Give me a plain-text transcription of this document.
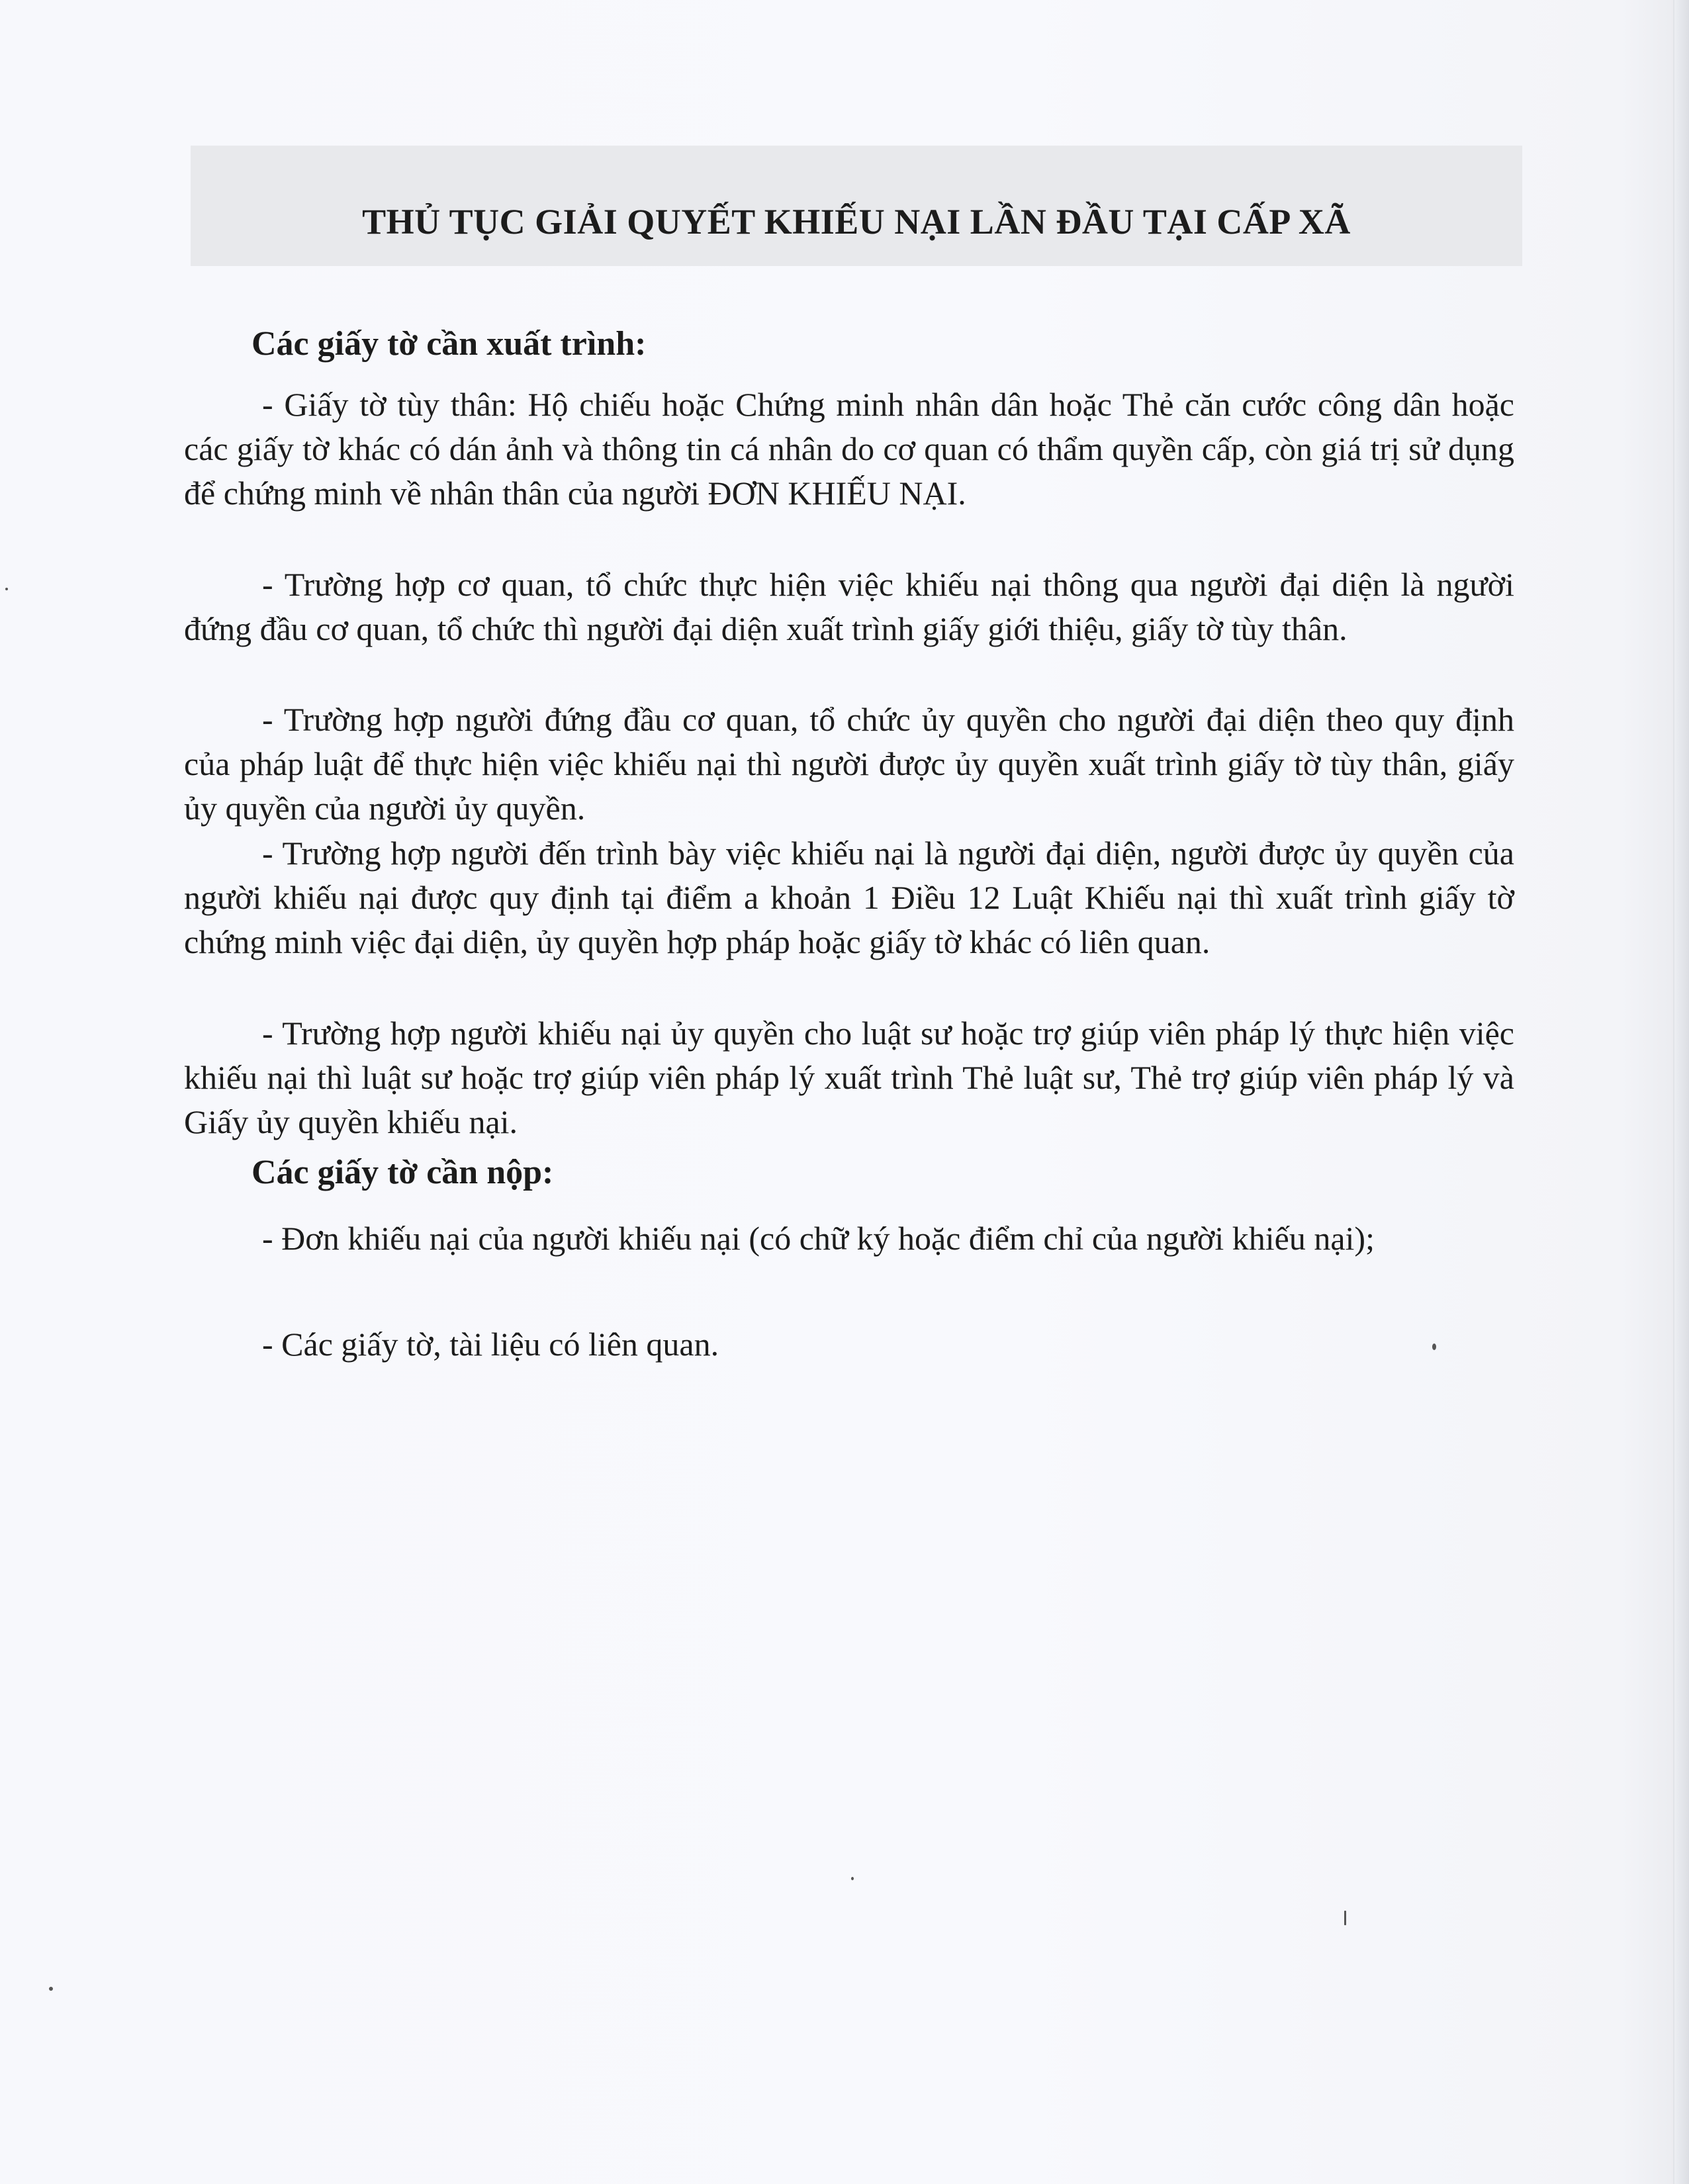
THỦ TỤC GIẢI QUYẾT KHIẾU NẠI LẦN ĐẦU TẠI CẤP XÃ
Các giấy tờ cần xuất trình:

- Giấy tờ tùy thân: Hộ chiếu hoặc Chứng minh nhân dân hoặc Thẻ căn cước công dân hoặc các giấy tờ khác có dán ảnh và thông tin cá nhân do cơ quan có thẩm quyền cấp, còn giá trị sử dụng để chứng minh về nhân thân của người ĐƠN KHIẾU NẠI.

- Trường hợp cơ quan, tổ chức thực hiện việc khiếu nại thông qua người đại diện là người đứng đầu cơ quan, tổ chức thì người đại diện xuất trình giấy giới thiệu, giấy tờ tùy thân.

- Trường hợp người đứng đầu cơ quan, tổ chức ủy quyền cho người đại diện theo quy định của pháp luật để thực hiện việc khiếu nại thì người được ủy quyền xuất trình giấy tờ tùy thân, giấy ủy quyền của người ủy quyền.

- Trường hợp người đến trình bày việc khiếu nại là người đại diện, người được ủy quyền của người khiếu nại được quy định tại điểm a khoản 1 Điều 12 Luật Khiếu nại thì xuất trình giấy tờ chứng minh việc đại diện, ủy quyền hợp pháp hoặc giấy tờ khác có liên quan.

- Trường hợp người khiếu nại ủy quyền cho luật sư hoặc trợ giúp viên pháp lý thực hiện việc khiếu nại thì luật sư hoặc trợ giúp viên pháp lý xuất trình Thẻ luật sư, Thẻ trợ giúp viên pháp lý và Giấy ủy quyền khiếu nại.

Các giấy tờ cần nộp:

- Đơn khiếu nại của người khiếu nại (có chữ ký hoặc điểm chỉ của người khiếu nại);

- Các giấy tờ, tài liệu có liên quan.
